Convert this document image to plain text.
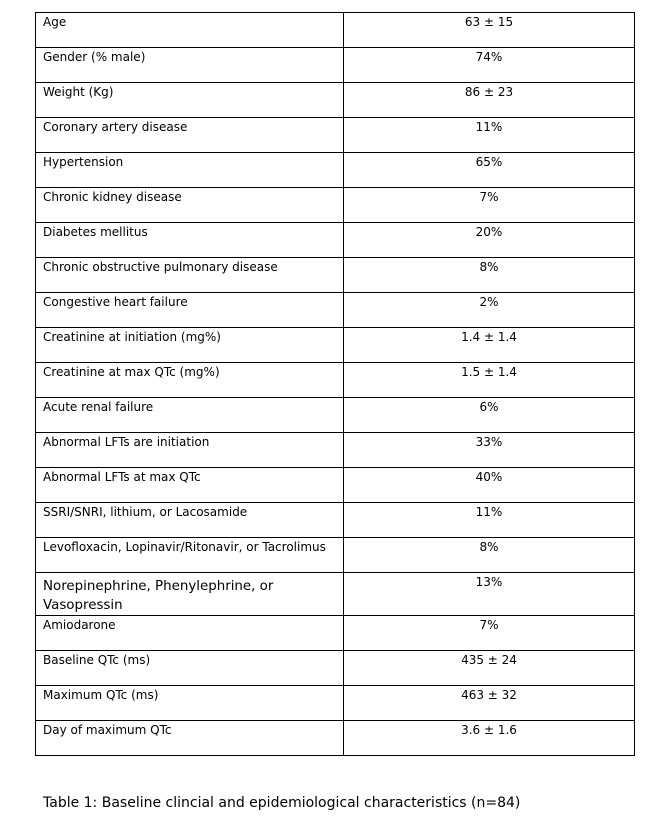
Age	63 ± 15
Gender (% male)	74%
Weight (Kg)	86 ± 23
Coronary artery disease	11%
Hypertension	65%
Chronic kidney disease	7%
Diabetes mellitus	20%
Chronic obstructive pulmonary disease	8%
Congestive heart failure	2%
Creatinine at initiation (mg%)	1.4 ± 1.4
Creatinine at max QTc (mg%)	1.5 ± 1.4
Acute renal failure	6%
Abnormal LFTs are initiation	33%
Abnormal LFTs at max QTc	40%
SSRI/SNRI, lithium, or Lacosamide	11%
Levofloxacin, Lopinavir/Ritonavir, or Tacrolimus	8%
Norepinephrine, Phenylephrine, or Vasopressin	13%
Amiodarone	7%
Baseline QTc (ms)	435 ± 24
Maximum QTc (ms)	463 ± 32
Day of maximum QTc	3.6 ± 1.6
Table 1: Baseline clincial and epidemiological characteristics (n=84)
